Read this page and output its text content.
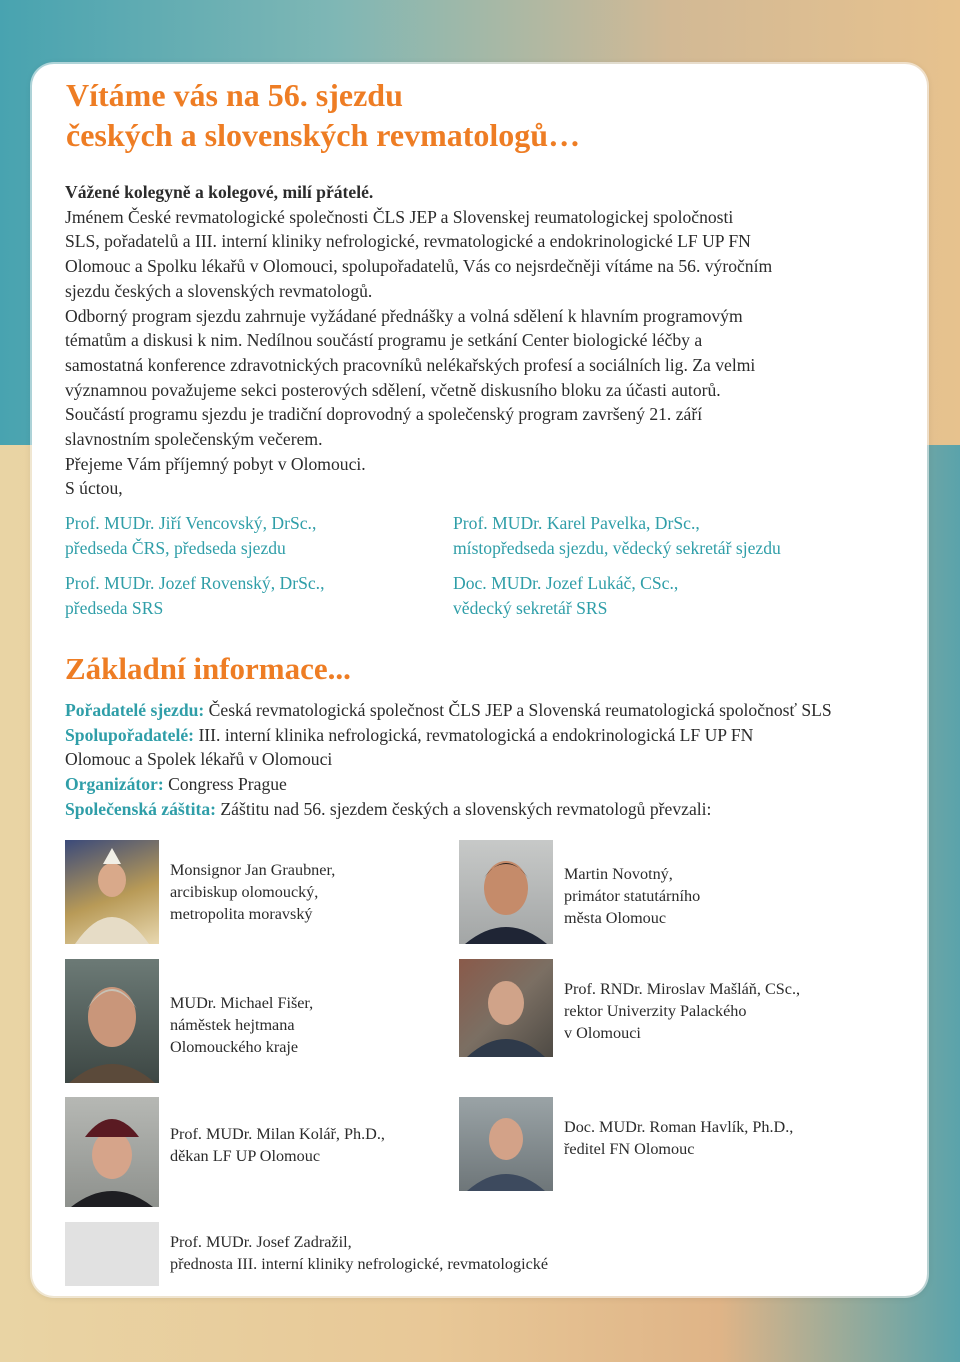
Vítáme vás na 56. sjezdu
českých a slovenských revmatologů…

Vážené kolegyně a kolegové, milí přátelé.

Jménem České revmatologické společnosti ČLS JEP a Slovenskej reumatologickej spoločnosti

SLS, pořadatelů a III. interní kliniky nefrologické, revmatologické a endokrinologické LF UP FN

Olomouc a Spolku lékařů v Olomouci, spolupořadatelů, Vás co nejsrdečněji vítáme na 56. výročním

sjezdu českých a slovenských revmatologů.

Odborný program sjezdu zahrnuje vyžádané přednášky a volná sdělení k hlavním programovým

tématům a diskusi k nim. Nedílnou součástí programu je setkání Center biologické léčby a

samostatná konference zdravotnických pracovníků nelékařských profesí a sociálních lig. Za velmi

významnou považujeme sekci posterových sdělení, včetně diskusního bloku za účasti autorů.

Součástí programu sjezdu je tradiční doprovodný a společenský program završený 21. září

slavnostním společenským večerem.

Přejeme Vám příjemný pobyt v Olomouci.

S úctou,

Prof. MUDr. Jiří Vencovský, DrSc.,

předseda ČRS, předseda sjezdu

Prof. MUDr. Karel Pavelka, DrSc.,

místopředseda sjezdu, vědecký sekretář sjezdu

Prof. MUDr. Jozef Rovenský, DrSc.,

předseda SRS

Doc. MUDr. Jozef Lukáč, CSc.,

vědecký sekretář SRS

Základní informace...

Pořadatelé sjezdu: Česká revmatologická společnost ČLS JEP a Slovenská reumatologická spoločnosť SLS

Spolupořadatelé: III. interní klinika nefrologická, revmatologická a endokrinologická LF UP FN

Olomouc a Spolek lékařů v Olomouci

Organizátor: Congress Prague

Společenská záštita: Záštitu nad 56. sjezdem českých a slovenských revmatologů převzali:

Monsignor Jan Graubner,
arcibiskup olomoucký,
metropolita moravský
Martin Novotný,
primátor statutárního
města Olomouc
MUDr. Michael Fišer,
náměstek hejtmana
Olomouckého kraje
Prof. RNDr. Miroslav Mašláň, CSc.,
rektor Univerzity Palackého
v Olomouci
Prof. MUDr. Milan Kolář, Ph.D.,
děkan LF UP Olomouc
Doc. MUDr. Roman Havlík, Ph.D.,
ředitel FN Olomouc
Prof. MUDr. Josef Zadražil,
přednosta III. interní kliniky nefrologické, revmatologické
